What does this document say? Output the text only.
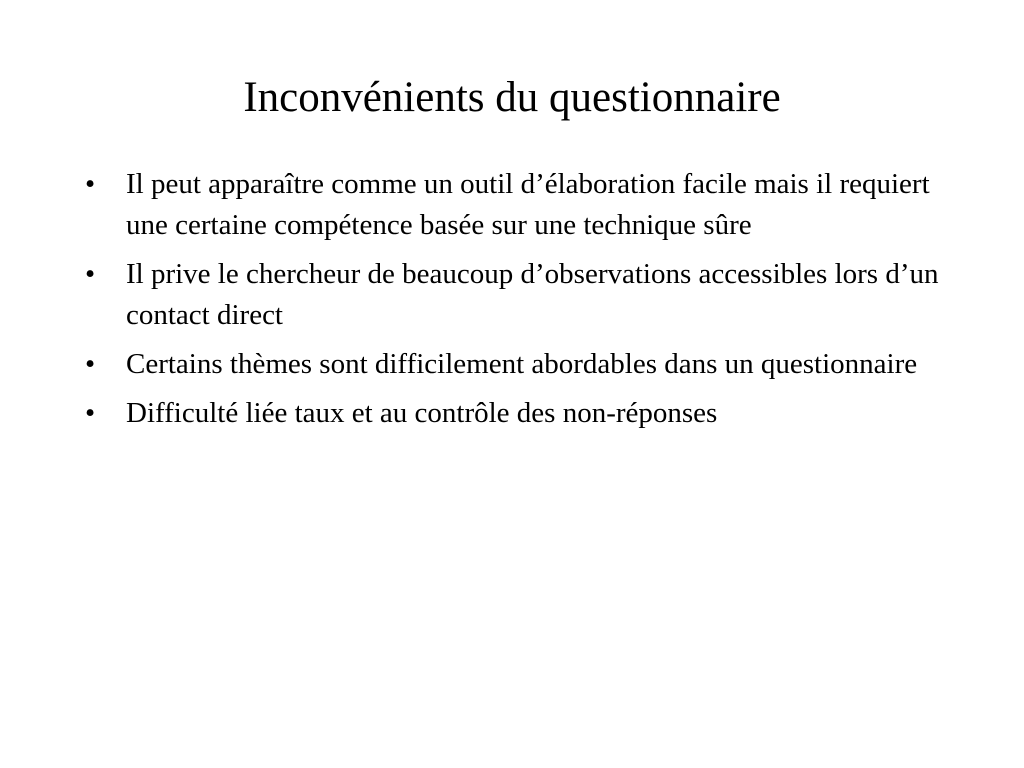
Inconvénients du questionnaire
•	Il peut apparaître comme un outil d’élaboration facile mais il requiert une certaine compétence basée sur une technique sûre
•	Il prive le chercheur de beaucoup d’observations accessibles lors d’un contact direct
•	Certains thèmes sont difficilement abordables dans un questionnaire
•	Difficulté liée taux et au contrôle des non-réponses
